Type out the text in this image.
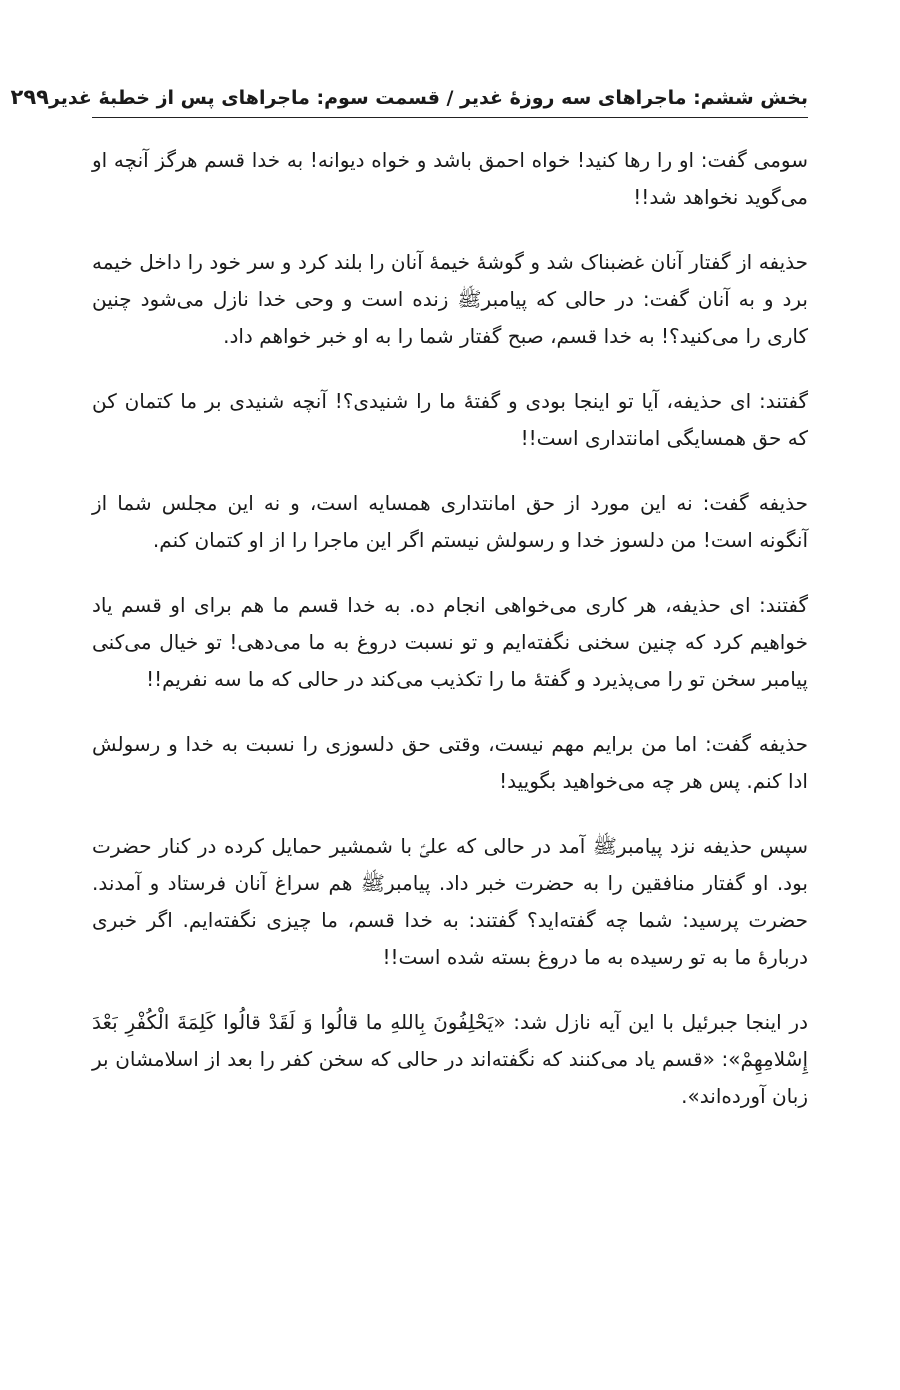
بخش ششم: ماجراهای سه روزۀ غدیر / قسمت سوم: ماجراهای پس از خطبۀ غدیر
۲۹۹

سومی گفت: او را رها کنید! خواه احمق باشد و خواه دیوانه! به خدا قسم هرگز آنچه او می‌گوید نخواهد شد!!

حذیفه از گفتار آنان غضبناک شد و گوشۀ خیمۀ آنان را بلند کرد و سر خود را داخل خیمه برد و به آنان گفت: در حالی که پیامبرﷺ زنده است و وحی خدا نازل می‌شود چنین کاری را می‌کنید؟! به خدا قسم، صبح گفتار شما را به او خبر خواهم داد.

گفتند: ای حذیفه، آیا تو اینجا بودی و گفتۀ ما را شنیدی؟! آنچه شنیدی بر ما کتمان کن که حق همسایگی امانتداری است!!

حذیفه گفت: نه این مورد از حق امانتداری همسایه است، و نه این مجلس شما از آنگونه است! من دلسوز خدا و رسولش نیستم اگر این ماجرا را از او کتمان کنم.

گفتند: ای حذیفه، هر کاری می‌خواهی انجام ده. به خدا قسم ما هم برای او قسم یاد خواهیم کرد که چنین سخنی نگفته‌ایم و تو نسبت دروغ به ما می‌دهی! تو خیال می‌کنی پیامبر سخن تو را می‌پذیرد و گفتۀ ما را تکذیب می‌کند در حالی که ما سه نفریم!!

حذیفه گفت: اما من برایم مهم نیست، وقتی حق دلسوزی را نسبت به خدا و رسولش ادا کنم. پس هر چه می‌خواهید بگویید!

سپس حذیفه نزد پیامبرﷺ آمد در حالی که علیؑ با شمشیر حمایل کرده در کنار حضرت بود. او گفتار منافقین را به حضرت خبر داد. پیامبرﷺ هم سراغ آنان فرستاد و آمدند. حضرت پرسید: شما چه گفته‌اید؟ گفتند: به خدا قسم، ما چیزی نگفته‌ایم. اگر خبری دربارۀ ما به تو رسیده به ما دروغ بسته شده است!!

در اینجا جبرئیل با این آیه نازل شد: «يَحْلِفُونَ بِاللهِ ما قالُوا وَ لَقَدْ قالُوا كَلِمَةَ الْكُفْرِ بَعْدَ إِسْلامِهِمْ»: «قسم یاد می‌کنند که نگفته‌اند در حالی که سخن کفر را بعد از اسلامشان بر زبان آورده‌اند».
